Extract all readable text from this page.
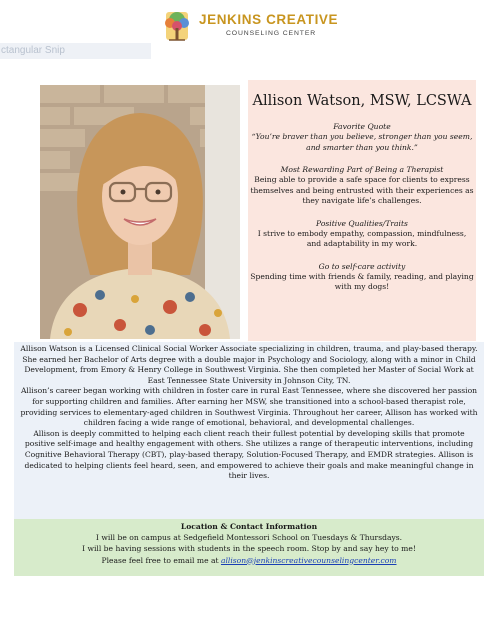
JENKINS CREATIVE
COUNSELING CENTER
ctangular Snip
Allison Watson, MSW, LCSWA
Favorite Quote
“You’re braver than you believe, stronger than you seem, and smarter than you think.”
Most Rewarding Part of Being a Therapist
Being able to provide a safe space for clients to express themselves and being entrusted with their experiences as they navigate life’s challenges.
Positive Qualities/Traits
I strive to embody empathy, compassion, mindfulness, and adaptability in my work.
Go to self-care activity
Spending time with friends & family, reading, and playing with my dogs!

Allison Watson is a Licensed Clinical Social Worker Associate specializing in children, trauma, and play-based therapy. She earned her Bachelor of Arts degree with a double major in Psychology and Sociology, along with a minor in Child Development, from Emory & Henry College in Southwest Virginia. She then completed her Master of Social Work at East Tennessee State University in Johnson City, TN.

Allison’s career began working with children in foster care in rural East Tennessee, where she discovered her passion for supporting children and families. After earning her MSW, she transitioned into a school-based therapist role, providing services to elementary-aged children in Southwest Virginia. Throughout her career, Allison has worked with children facing a wide range of emotional, behavioral, and developmental challenges.

Allison is deeply committed to helping each client reach their fullest potential by developing skills that promote positive self-image and healthy engagement with others. She utilizes a range of therapeutic interventions, including Cognitive Behavioral Therapy (CBT), play-based therapy, Solution-Focused Therapy, and EMDR strategies. Allison is dedicated to helping clients feel heard, seen, and empowered to achieve their goals and make meaningful change in their lives.

Location & Contact Information
I will be on campus at Sedgefield Montessori School on Tuesdays & Thursdays.
I will be having sessions with students in the speech room. Stop by and say hey to me!
Please feel free to email me at allison@jenkinscreativecounselingcenter.com
